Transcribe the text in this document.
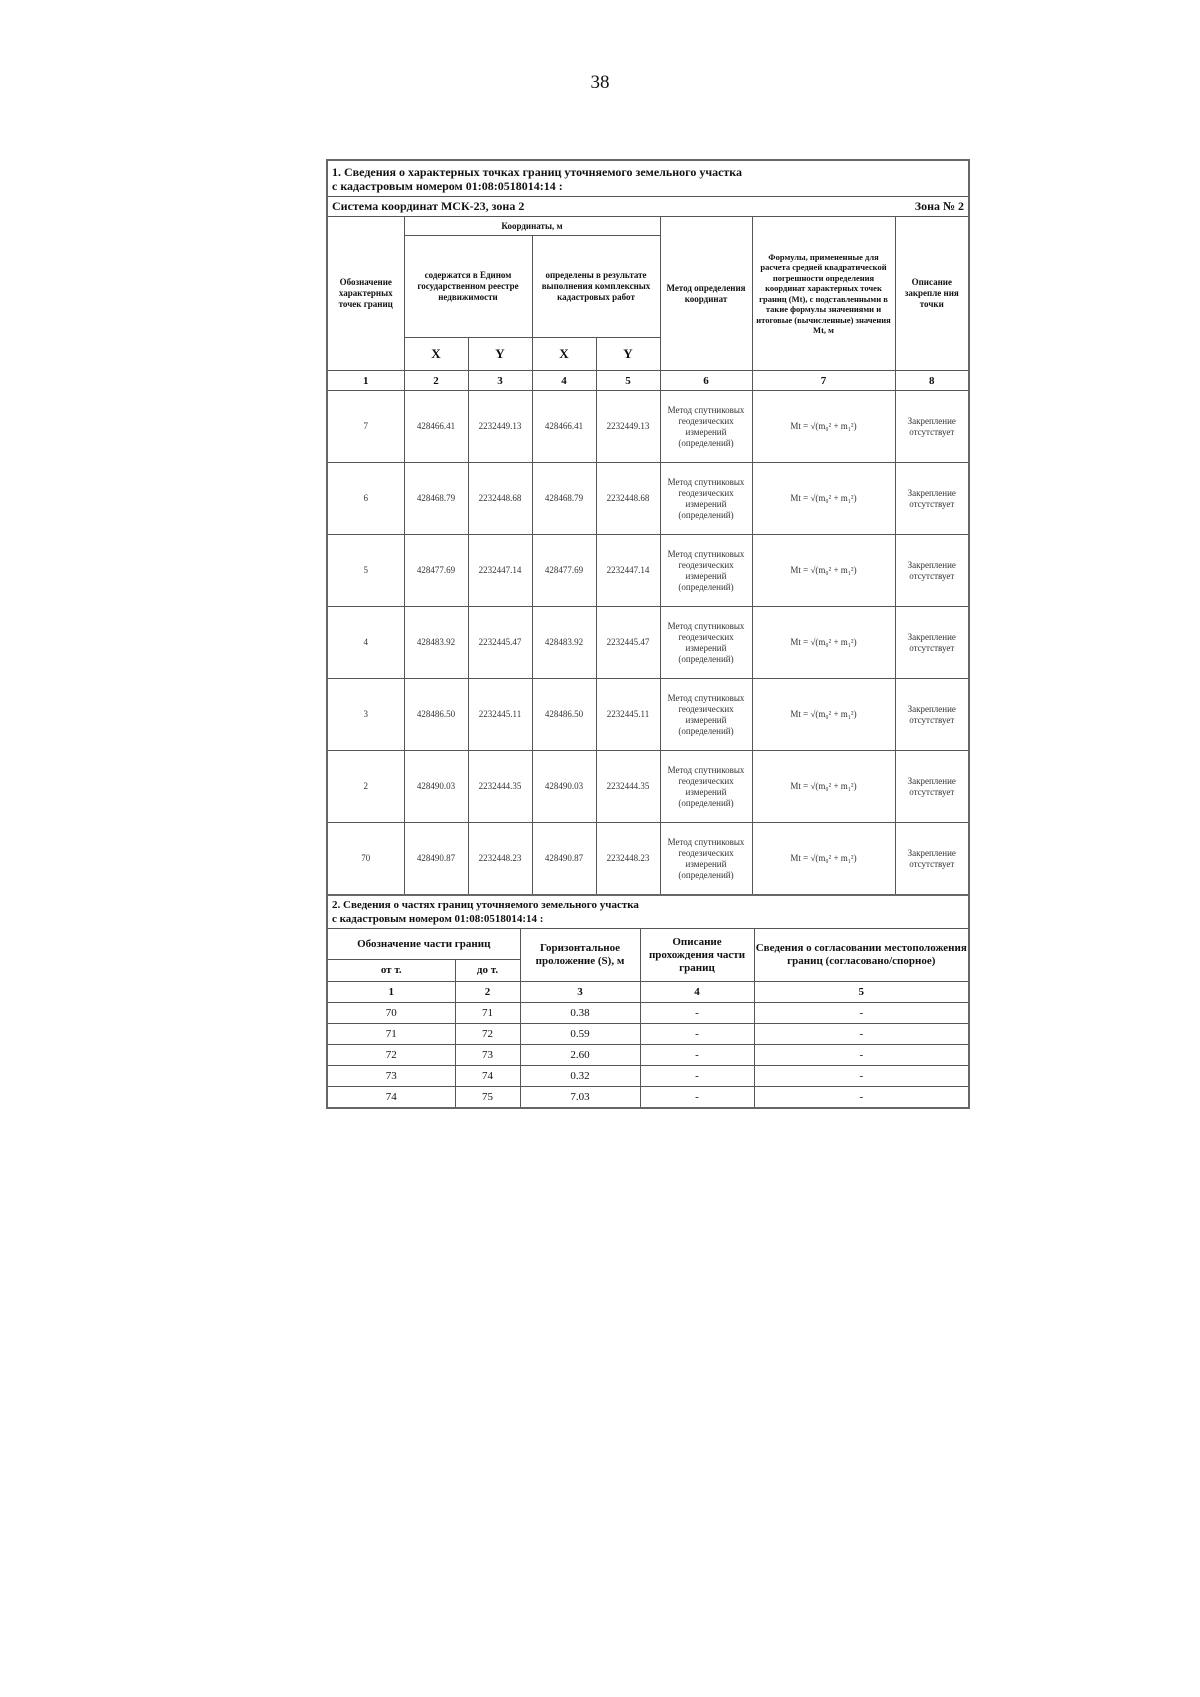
38
1. Сведения о характерных точках границ уточняемого земельного участка
с кадастровым номером 01:08:0518014:14 :							

Система координат МСК-23, зона 2						Зона № 2	
Обозначение характерных точек границ	Координаты, м				Метод определения координат	Формулы, примененные для расчета средней квадратической погрешности определения координат характерных точек границ (Mt), с подставленными в такие формулы значениями и итоговые (вычисленные) значения Mt, м	Описание закрепле ния точки
	содержатся в Едином государственном реестре недвижимости		определены в результате выполнения комплексных кадастровых работ				
	X	Y	X	Y			
1	2	3	4	5	6	7	8
7	428466.41	2232449.13	428466.41	2232449.13	Метод спутниковых геодезических измерений (определений)	Mt = √(m₀² + m₁²)	Закрепление отсутствует
6	428468.79	2232448.68	428468.79	2232448.68	Метод спутниковых геодезических измерений (определений)	Mt = √(m₀² + m₁²)	Закрепление отсутствует
5	428477.69	2232447.14	428477.69	2232447.14	Метод спутниковых геодезических измерений (определений)	Mt = √(m₀² + m₁²)	Закрепление отсутствует
4	428483.92	2232445.47	428483.92	2232445.47	Метод спутниковых геодезических измерений (определений)	Mt = √(m₀² + m₁²)	Закрепление отсутствует
3	428486.50	2232445.11	428486.50	2232445.11	Метод спутниковых геодезических измерений (определений)	Mt = √(m₀² + m₁²)	Закрепление отсутствует
2	428490.03	2232444.35	428490.03	2232444.35	Метод спутниковых геодезических измерений (определений)	Mt = √(m₀² + m₁²)	Закрепление отсутствует
70	428490.87	2232448.23	428490.87	2232448.23	Метод спутниковых геодезических измерений (определений)	Mt = √(m₀² + m₁²)	Закрепление отсутствует
2. Сведения о частях границ уточняемого земельного участка
с кадастровым номером 01:08:0518014:14 :				

Обозначение части границ		Горизонтальное проложение (S), м	Описание прохождения части границ	Сведения о согласовании местоположения границ (согласовано/спорное)
от т.	до т.			
1	2	3	4	5
70	71	0.38	-	-
71	72	0.59	-	-
72	73	2.60	-	-
73	74	0.32	-	-
74	75	7.03	-	-
